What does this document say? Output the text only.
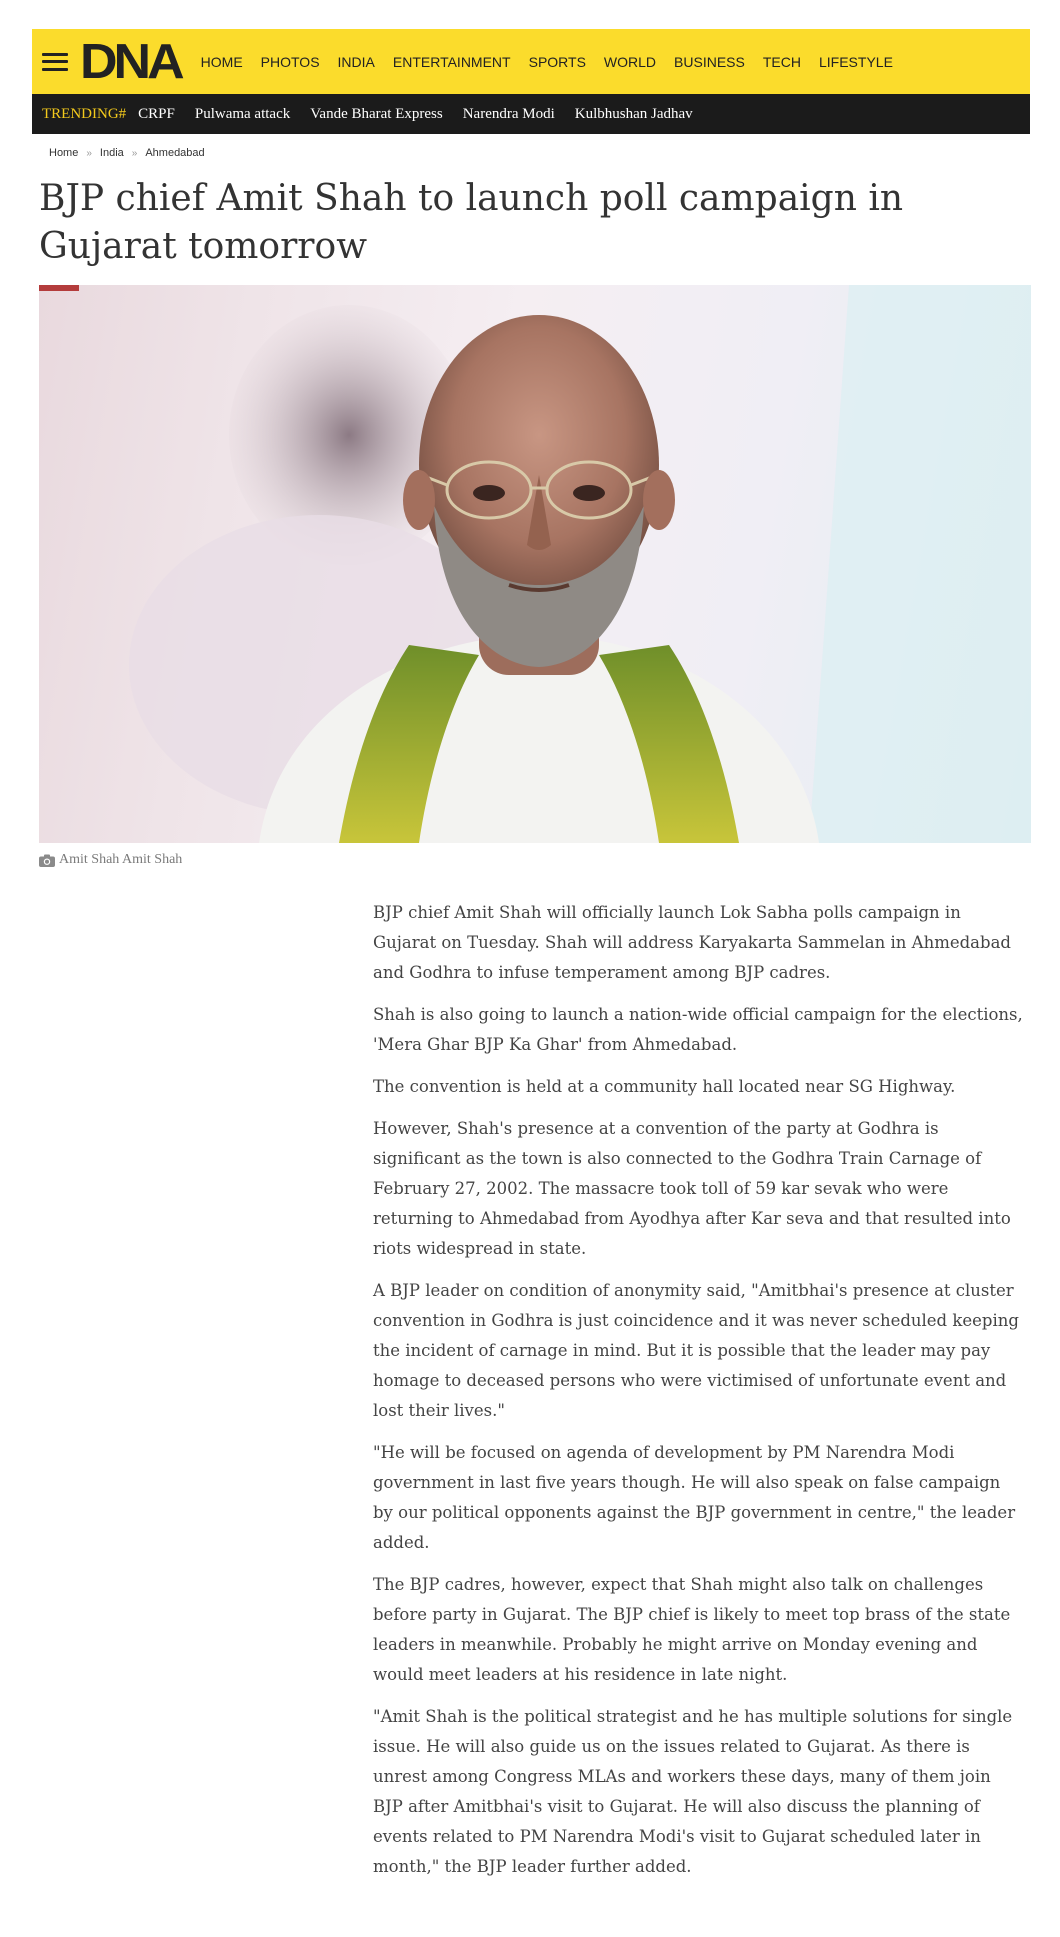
DNA HOME PHOTOS INDIA ENTERTAINMENT SPORTS WORLD BUSINESS TECH LIFESTYLE
TRENDING# CRPF Pulwama attack Vande Bharat Express Narendra Modi Kulbhushan Jadhav
Home » India » Ahmedabad
BJP chief Amit Shah to launch poll campaign in Gujarat tomorrow
Amit Shah Amit Shah

BJP chief Amit Shah will officially launch Lok Sabha polls campaign in Gujarat on Tuesday. Shah will address Karyakarta Sammelan in Ahmedabad and Godhra to infuse temperament among BJP cadres.

Shah is also going to launch a nation-wide official campaign for the elections, 'Mera Ghar BJP Ka Ghar' from Ahmedabad.

The convention is held at a community hall located near SG Highway.

However, Shah's presence at a convention of the party at Godhra is significant as the town is also connected to the Godhra Train Carnage of February 27, 2002. The massacre took toll of 59 kar sevak who were returning to Ahmedabad from Ayodhya after Kar seva and that resulted into riots widespread in state.

A BJP leader on condition of anonymity said, "Amitbhai's presence at cluster convention in Godhra is just coincidence and it was never scheduled keeping the incident of carnage in mind. But it is possible that the leader may pay homage to deceased persons who were victimised of unfortunate event and lost their lives."

"He will be focused on agenda of development by PM Narendra Modi government in last five years though. He will also speak on false campaign by our political opponents against the BJP government in centre," the leader added.

The BJP cadres, however, expect that Shah might also talk on challenges before party in Gujarat. The BJP chief is likely to meet top brass of the state leaders in meanwhile. Probably he might arrive on Monday evening and would meet leaders at his residence in late night.

"Amit Shah is the political strategist and he has multiple solutions for single issue. He will also guide us on the issues related to Gujarat. As there is unrest among Congress MLAs and workers these days, many of them join BJP after Amitbhai's visit to Gujarat. He will also discuss the planning of events related to PM Narendra Modi's visit to Gujarat scheduled later in month," the BJP leader further added.
